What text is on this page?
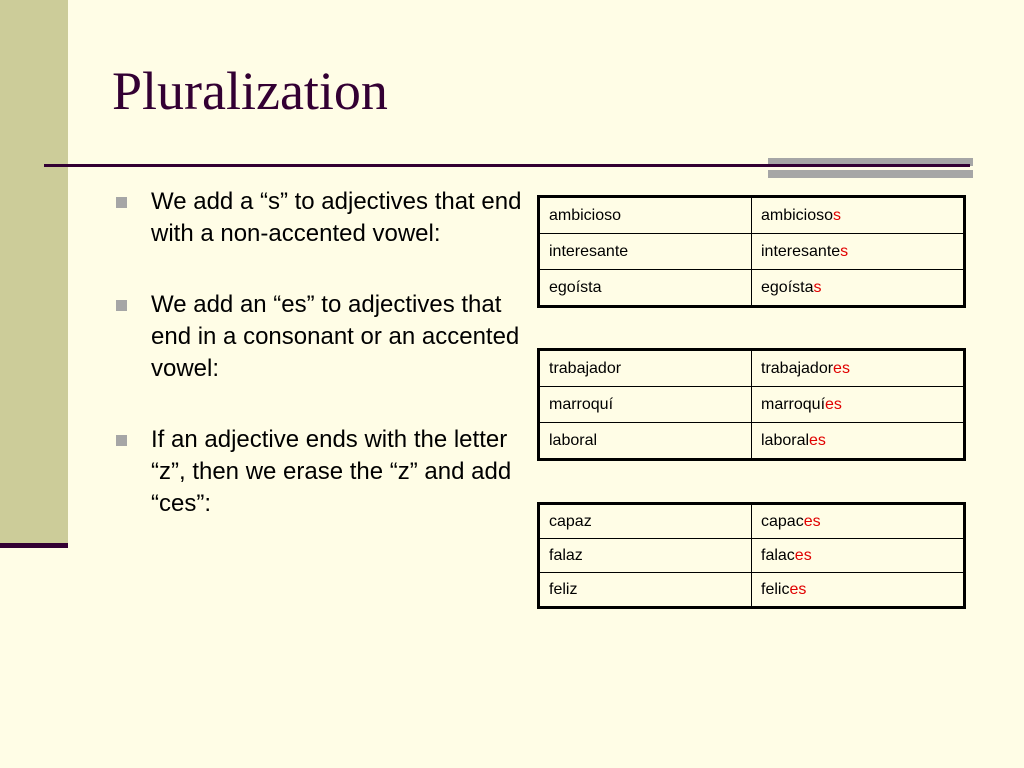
Pluralization
We add a “s” to adjectives that end with a non-accented vowel:
We add an “es” to adjectives that end in a consonant or an accented vowel:
If an adjective ends with the letter “z”, then we erase the “z” and add “ces”:
ambicioso	ambiciosos
interesante	interesantes
egoísta	egoístas
trabajador	trabajadores
marroquí	marroquíes
laboral	laborales
capaz	capaces
falaz	falaces
feliz	felices
